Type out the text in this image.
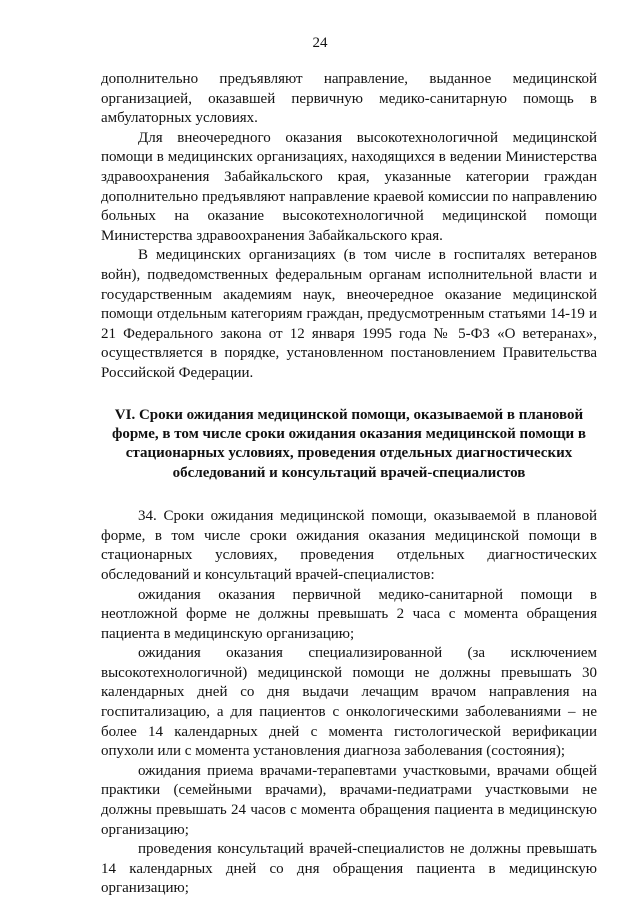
24

дополнительно предъявляют направление, выданное медицинской организацией, оказавшей первичную медико-санитарную помощь в амбулаторных условиях.

Для внеочередного оказания высокотехнологичной медицинской помощи в медицинских организациях, находящихся в ведении Министерства здравоохранения Забайкальского края, указанные категории граждан дополнительно предъявляют направление краевой комиссии по направлению больных на оказание высокотехнологичной медицинской помощи Министерства здравоохранения Забайкальского края.

В медицинских организациях (в том числе в госпиталях ветеранов войн), подведомственных федеральным органам исполнительной власти и государственным академиям наук, внеочередное оказание медицинской помощи отдельным категориям граждан, предусмотренным статьями 14-19 и 21 Федерального закона от 12 января 1995 года № 5-ФЗ «О ветеранах», осуществляется в порядке, установленном постановлением Правительства Российской Федерации.

VI. Сроки ожидания медицинской помощи, оказываемой в плановой форме, в том числе сроки ожидания оказания медицинской помощи в стационарных условиях, проведения отдельных диагностических обследований и консультаций врачей-специалистов

34. Сроки ожидания медицинской помощи, оказываемой в плановой форме, в том числе сроки ожидания оказания медицинской помощи в стационарных условиях, проведения отдельных диагностических обследований и консультаций врачей-специалистов:

ожидания оказания первичной медико-санитарной помощи в неотложной форме не должны превышать 2 часа с момента обращения пациента в медицинскую организацию;

ожидания оказания специализированной (за исключением высокотехнологичной) медицинской помощи не должны превышать 30 календарных дней со дня выдачи лечащим врачом направления на госпитализацию, а для пациентов с онкологическими заболеваниями – не более 14 календарных дней с момента гистологической верификации опухоли или с момента установления диагноза заболевания (состояния);

ожидания приема врачами-терапевтами участковыми, врачами общей практики (семейными врачами), врачами-педиатрами участковыми не должны превышать 24 часов с момента обращения пациента в медицинскую организацию;

проведения консультаций врачей-специалистов не должны превышать 14 календарных дней со дня обращения пациента в медицинскую организацию;
